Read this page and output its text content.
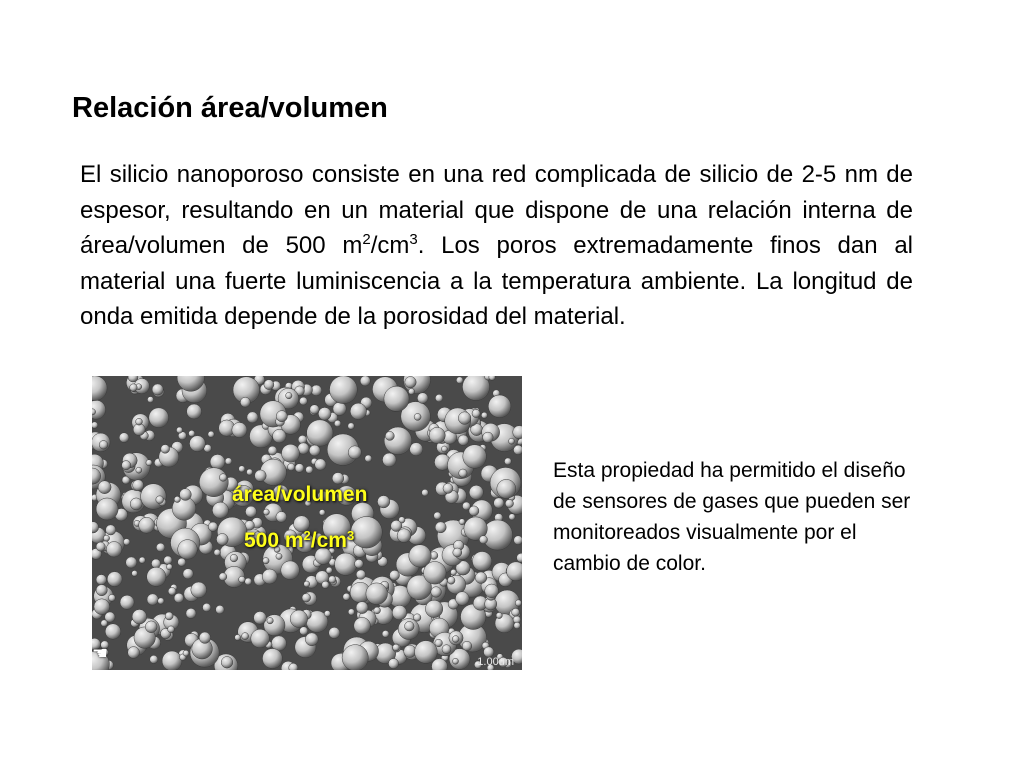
Relación área/volumen

El silicio nanoporoso consiste en una red complicada de silicio de 2-5 nm de espesor, resultando en un material que dispone de una relación interna de área/volumen de 500 $m^2/cm^3$. Los poros extremadamente finos dan al material una fuerte luminiscencia a la temperatura ambiente. La longitud de onda emitida depende de la porosidad del material.

área/volumen
500 $m^2/cm^3$
1.00um
☚

Esta propiedad ha permitido el diseño de sensores de gases que pueden ser monitoreados visualmente por el cambio de color.
